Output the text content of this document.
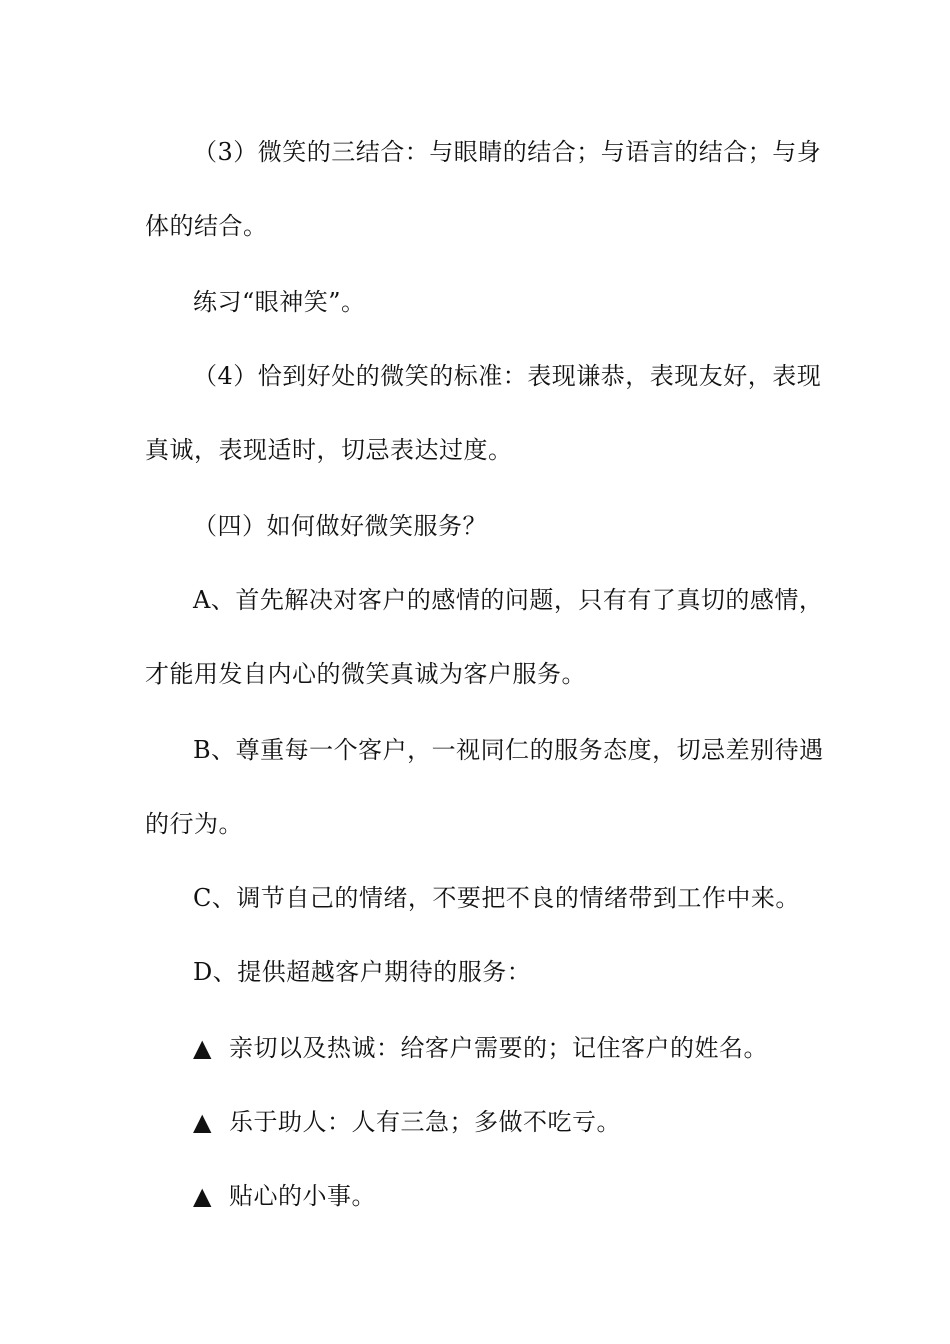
（3）微笑的三结合：与眼睛的结合；与语言的结合；与身
体的结合。
练习“眼神笑”。
（4）恰到好处的微笑的标准：表现谦恭，表现友好，表现
真诚，表现适时，切忌表达过度。
（四）如何做好微笑服务？
A、首先解决对客户的感情的问题，只有有了真切的感情，
才能用发自内心的微笑真诚为客户服务。
B、尊重每一个客户，一视同仁的服务态度，切忌差别待遇
的行为。
C、调节自己的情绪，不要把不良的情绪带到工作中来。
D、提供超越客户期待的服务：
▲ 亲切以及热诚：给客户需要的；记住客户的姓名。
▲ 乐于助人：人有三急；多做不吃亏。
▲ 贴心的小事。
